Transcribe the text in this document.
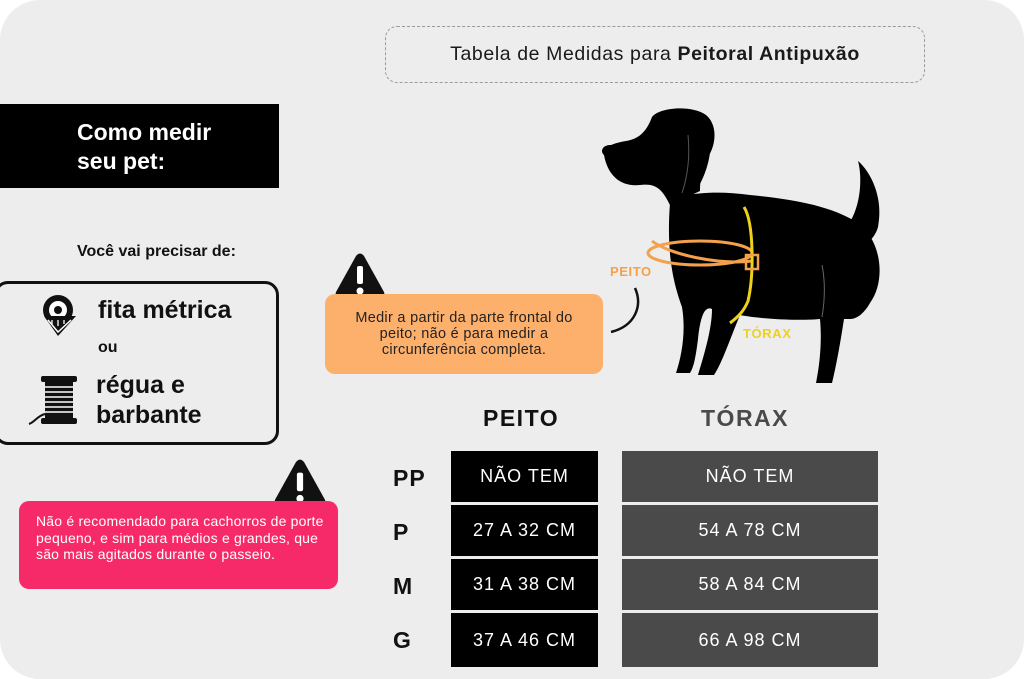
Tabela de Medidas para Peitoral Antipuxão
Como medir
seu pet:
Você vai precisar de:
fita métrica
ou
régua e
barbante
Medir a partir da parte frontal do peito; não é para medir a circunferência completa.
Não é recomendado para cachorros de porte pequeno, e sim para médios e grandes, que são mais agitados durante o passeio.
PEITO
TÓRAX
PEITO	TÓRAX
PP	NÃO TEM	NÃO TEM
P	27 A 32 CM	54 A 78 CM
M	31 A 38 CM	58 A 84 CM
G	37 A 46 CM	66 A 98 CM
